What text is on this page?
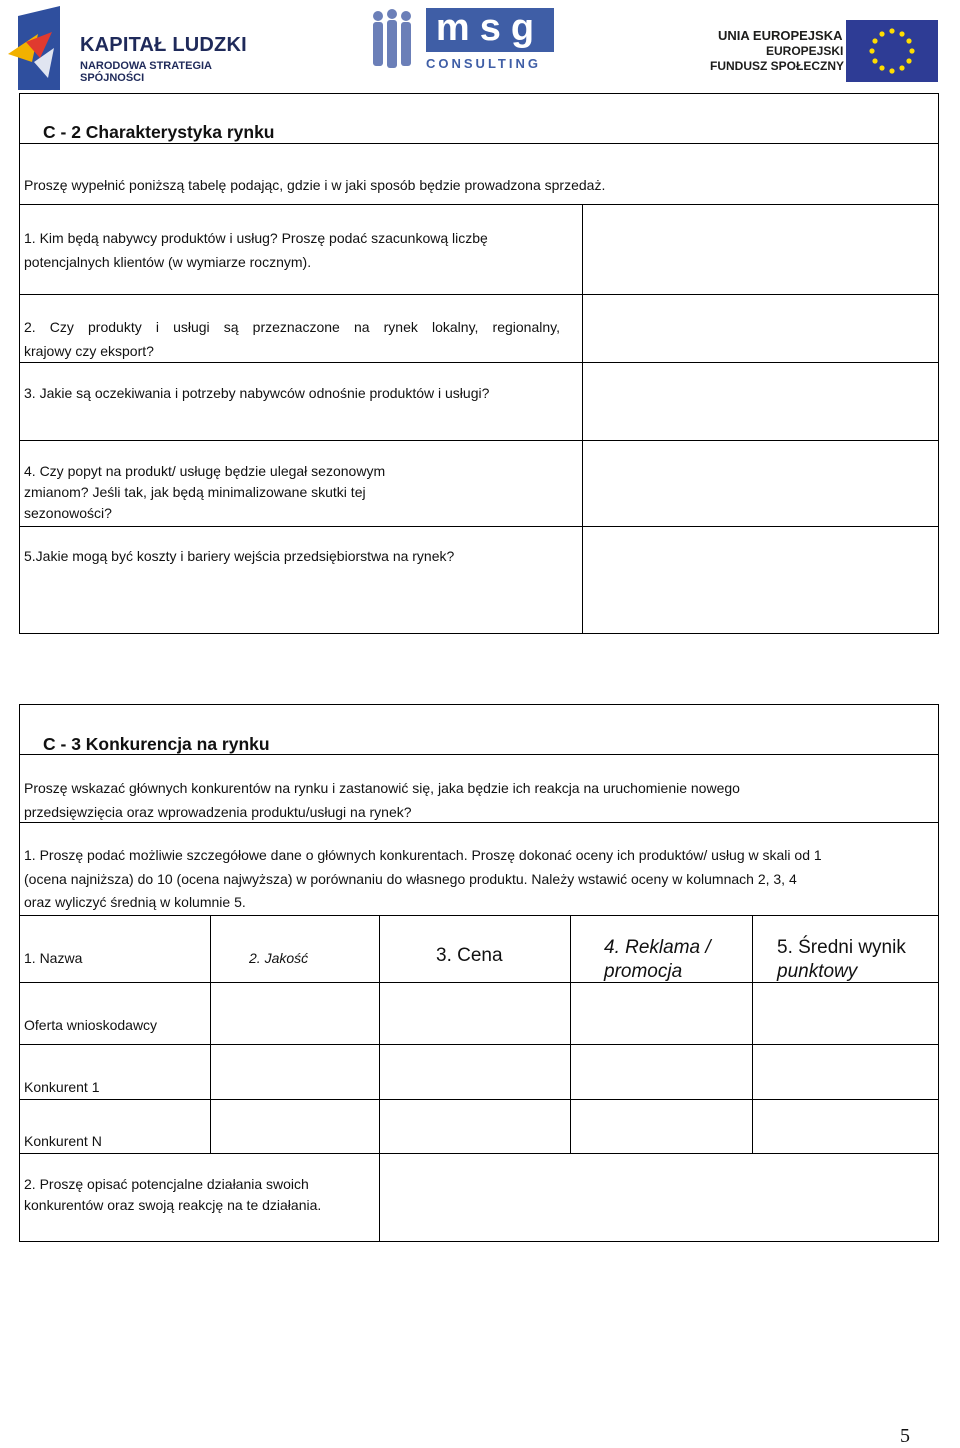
KAPITAŁ LUDZKI
NARODOWA STRATEGIA SPÓJNOŚCI
msg
CONSULTING
UNIA EUROPEJSKA
EUROPEJSKI
FUNDUSZ SPOŁECZNY
C - 2 Charakterystyka rynku
Proszę wypełnić poniższą tabelę podając, gdzie i w jaki sposób będzie prowadzona sprzedaż.
1. Kim będą nabywcy produktów i usług? Proszę podać szacunkową liczbę
potencjalnych klientów (w wymiarze rocznym).
2. Czy produkty i usługi są przeznaczone na rynek lokalny, regionalny,
krajowy czy eksport?
3. Jakie są oczekiwania i potrzeby nabywców odnośnie produktów i usługi?
4. Czy popyt na produkt/ usługę będzie ulegał sezonowym
zmianom? Jeśli tak, jak będą minimalizowane skutki tej
sezonowości?
5.Jakie mogą być koszty i bariery wejścia przedsiębiorstwa na rynek?
C - 3 Konkurencja na rynku
Proszę wskazać głównych konkurentów na rynku i zastanowić się, jaka będzie ich reakcja na uruchomienie nowego
przedsięwzięcia oraz wprowadzenia produktu/usługi na rynek?
1. Proszę podać możliwie szczegółowe dane o głównych konkurentach. Proszę dokonać oceny ich produktów/ usług w skali od 1
(ocena najniższa) do 10 (ocena najwyższa) w porównaniu do własnego produktu. Należy wstawić oceny w kolumnach 2, 3, 4
oraz wyliczyć średnią w kolumnie 5.
1. Nazwa	2. Jakość	3. Cena	4. Reklama /
promocja
5. Średni wynik
punktowy
Oferta wnioskodawcy
Konkurent 1
Konkurent N
2. Proszę opisać potencjalne działania swoich
konkurentów oraz swoją reakcję na te działania.
5
